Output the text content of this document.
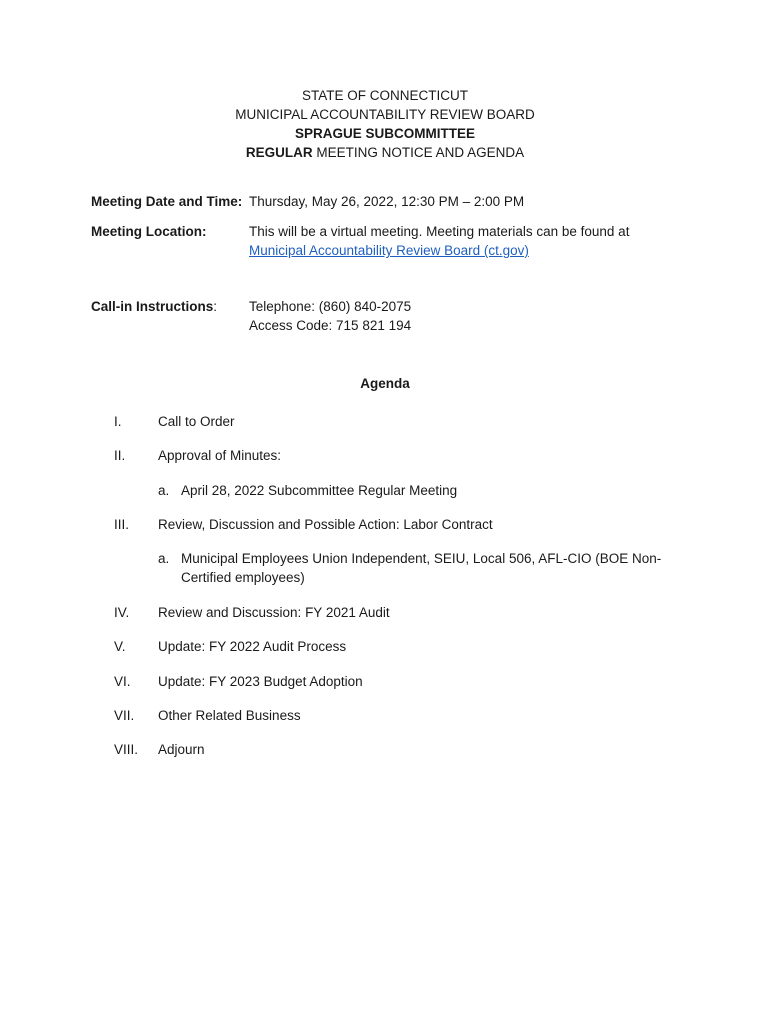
STATE OF CONNECTICUT
MUNICIPAL ACCOUNTABILITY REVIEW BOARD
SPRAGUE SUBCOMMITTEE
REGULAR MEETING NOTICE AND AGENDA
Meeting Date and Time: Thursday, May 26, 2022, 12:30 PM – 2:00 PM
Meeting Location:	This will be a virtual meeting. Meeting materials can be found at
Municipal Accountability Review Board (ct.gov)
Call-in Instructions: Telephone: (860) 840-2075
Access Code: 715 821 194
Agenda
I.	Call to Order
II. Approval of Minutes:
a. April 28, 2022 Subcommittee Regular Meeting
III. Review, Discussion and Possible Action: Labor Contract
a. Municipal Employees Union Independent, SEIU, Local 506, AFL-CIO (BOE Non-
Certified employees)
IV. Review and Discussion: FY 2021 Audit
V. Update: FY 2022 Audit Process
VI. Update: FY 2023 Budget Adoption
VII. Other Related Business
VIII. Adjourn
